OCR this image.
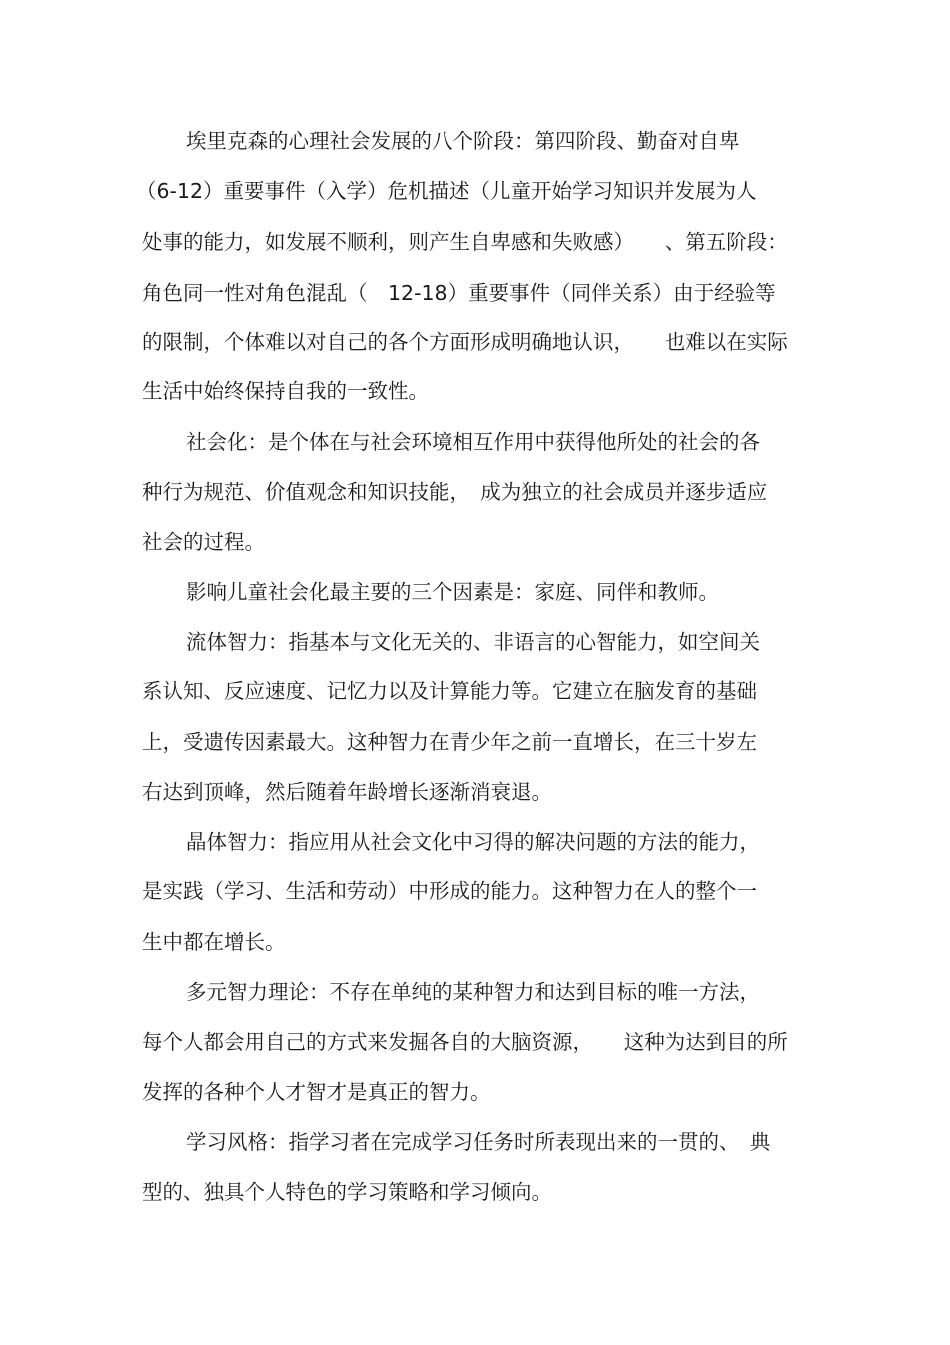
埃里克森的心理社会发展的八个阶段：第四阶段、勤奋对自卑
（6-12）重要事件（入学）危机描述（儿童开始学习知识并发展为人
处事的能力，如发展不顺利，则产生自卑感和失败感）　　、第五阶段：
角色同一性对角色混乱（　12-18）重要事件（同伴关系）由于经验等
的限制，个体难以对自己的各个方面形成明确地认识，　　也难以在实际
生活中始终保持自我的一致性。
社会化：是个体在与社会环境相互作用中获得他所处的社会的各
种行为规范、价值观念和知识技能，　成为独立的社会成员并逐步适应
社会的过程。
影响儿童社会化最主要的三个因素是：家庭、同伴和教师。
流体智力：指基本与文化无关的、非语言的心智能力，如空间关
系认知、反应速度、记忆力以及计算能力等。它建立在脑发育的基础
上，受遗传因素最大。这种智力在青少年之前一直增长，在三十岁左
右达到顶峰，然后随着年龄增长逐渐消衰退。
晶体智力：指应用从社会文化中习得的解决问题的方法的能力，
是实践（学习、生活和劳动）中形成的能力。这种智力在人的整个一
生中都在增长。
多元智力理论：不存在单纯的某种智力和达到目标的唯一方法，
每个人都会用自己的方式来发掘各自的大脑资源，　　这种为达到目的所
发挥的各种个人才智才是真正的智力。
学习风格：指学习者在完成学习任务时所表现出来的一贯的、　典
型的、独具个人特色的学习策略和学习倾向。
